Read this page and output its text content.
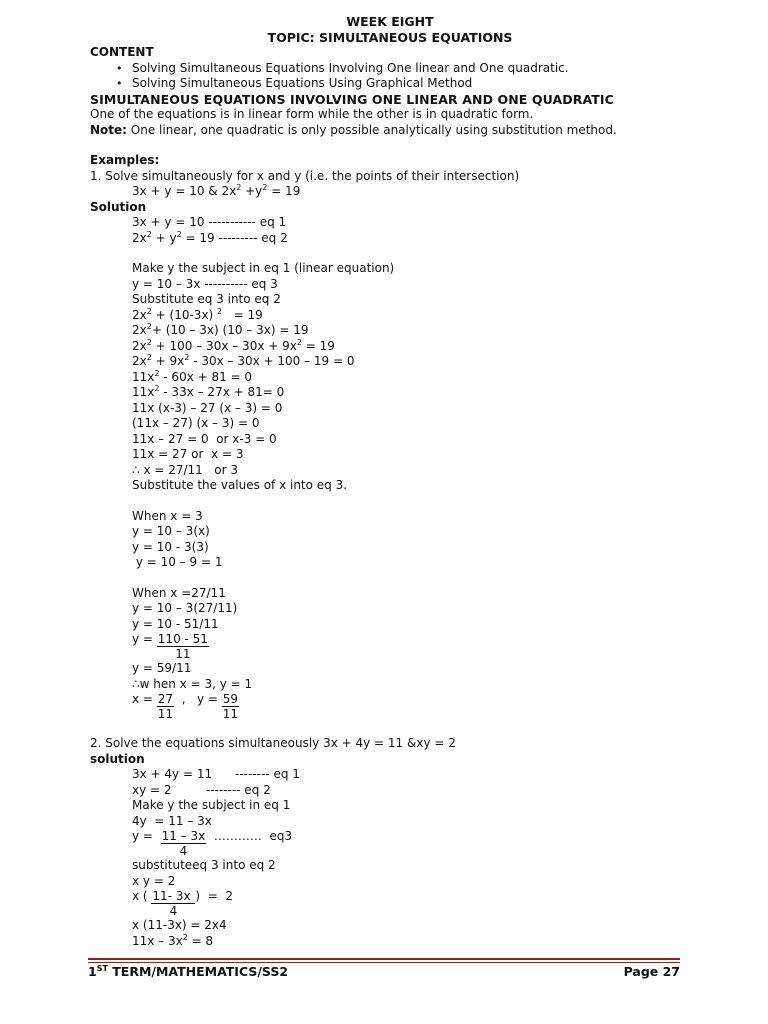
WEEK EIGHT
TOPIC: SIMULTANEOUS EQUATIONS
CONTENT
• Solving Simultaneous Equations Involving One linear and One quadratic.
• Solving Simultaneous Equations Using Graphical Method
SIMULTANEOUS EQUATIONS INVOLVING ONE LINEAR AND ONE QUADRATIC
One of the equations is in linear form while the other is in quadratic form.
Note: One linear, one quadratic is only possible analytically using substitution method.
Examples:
1. Solve simultaneously for x and y (i.e. the points of their intersection)
3x + y = 10 & $2x^2 +y^2 = 19$
Solution
3x + y = 10 ----------- eq 1
$2x^2 + y^2 = 19$ --------- eq 2
Make y the subject in eq 1 (linear equation)
y = 10 – 3x ---------- eq 3
Substitute eq 3 into eq 2
$2x^2 + (10-3x) ^2 = 19$
$2x^2+ (10 - 3x)$ (10 – 3x) = 19
$2x^2 + 100 - 30x - 30x + 9x^2 = 19$
$2x^2 + 9x^2 - 30x - 30x + 100 - 19 = 0$
$11x^2 - 60x + 81 = 0$
$11x^2 - 33x - 27x + 81= 0$
11x (x-3) – 27 (x – 3) = 0
(11x – 27) (x – 3) = 0
11x – 27 = 0  or x-3 = 0
11x = 27 or  x = 3
∴ x = 27/11   or 3
Substitute the values of x into eq 3.
When x = 3
y = 10 – 3(x)
y = 10 - 3(3)
y = 10 – 9 = 1
When x =27/11
y = 10 – 3(27/11)
y = 10 - 51/11
$y = \frac{110 - 51}{11}$
y = 59/11
∴w hen x = 3, y = 1
$x = \frac{27}{11}$ ,   $y = \frac{59}{11}$
2. Solve the equations simultaneously 3x + 4y = 11 &xy = 2
solution
3x + 4y = 11      -------- eq 1
xy = 2         -------- eq 2
Make y the subject in eq 1
4y  = 11 – 3x
$y = \frac{11 - 3x}{4}$ …………  eq3
substituteeq 3 into eq 2
x y = 2
x ( $\frac{11- 3x}{4}$ )  =  2
x (11-3x) = 2x4
$11x - 3x^2 = 8$
1ST TERM/MATHEMATICS/SS2	Page 27
